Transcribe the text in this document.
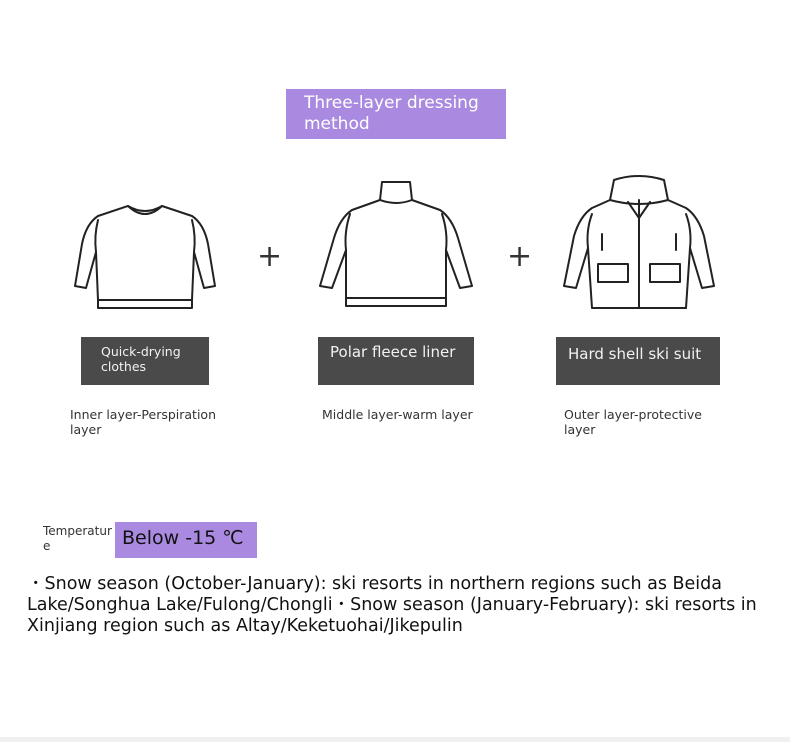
Three-layer dressing method
+	+
Quick-drying clothes
Polar fleece liner	Hard shell ski suit
Inner layer-Perspiration layer
Middle layer-warm layer	Outer layer-protective layer
Temperature	Below -15 ℃
・Snow season (October-January): ski resorts in northern regions such as Beida Lake/Songhua Lake/Fulong/Chongli・Snow season (January-February): ski resorts in Xinjiang region such as Altay/Keketuohai/Jikepulin
